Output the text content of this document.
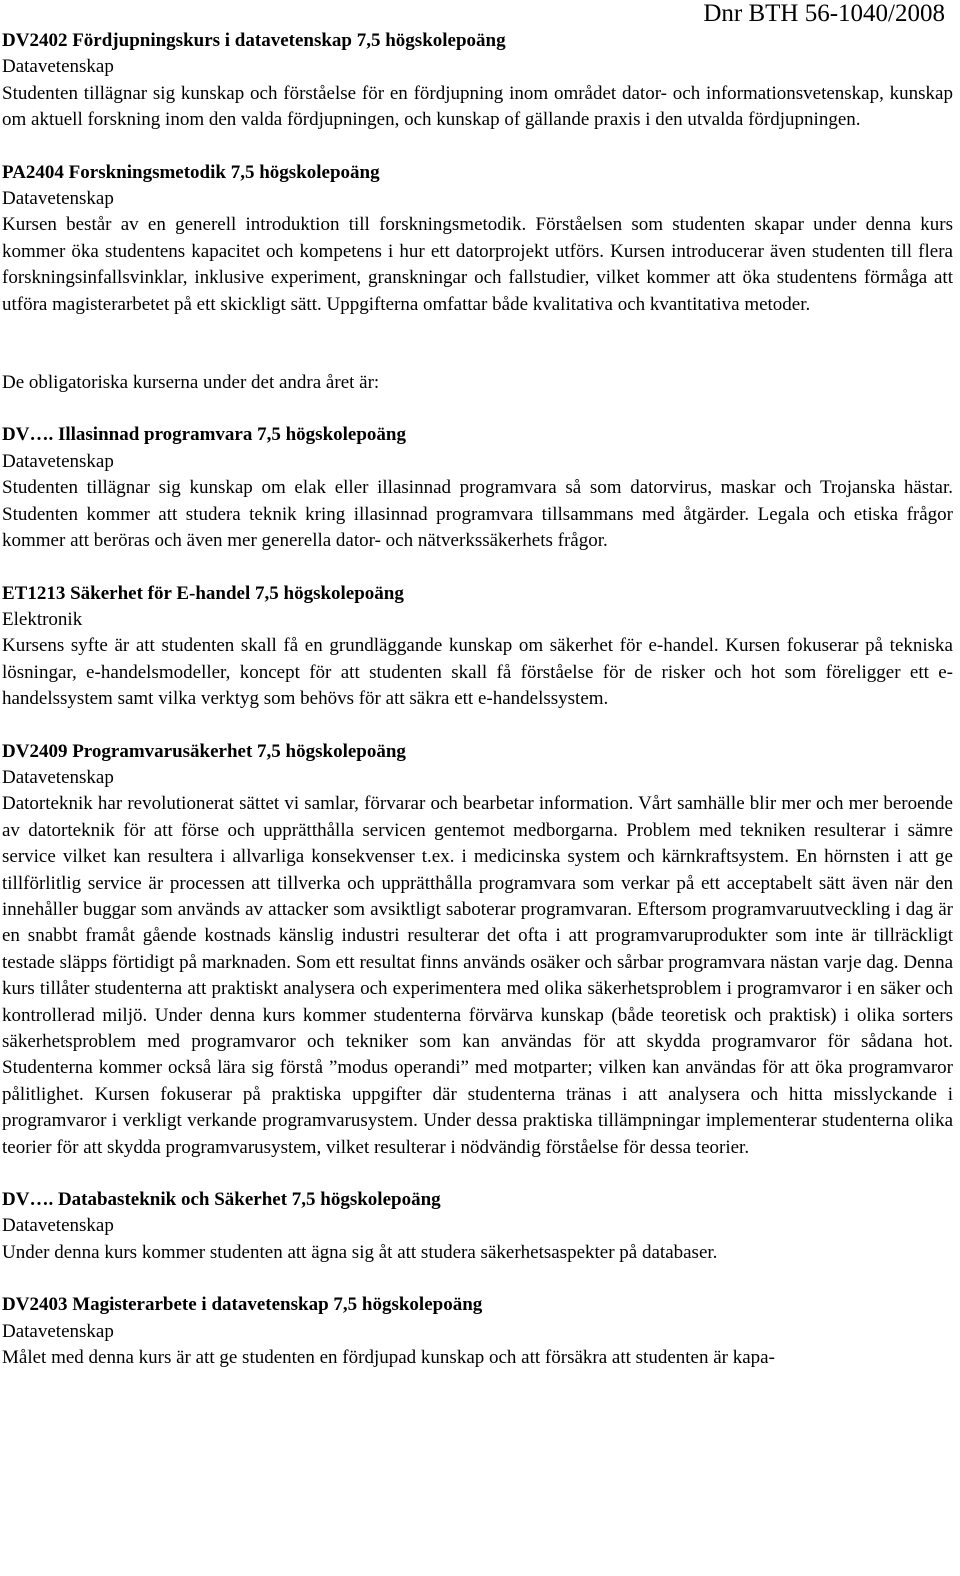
Dnr BTH 56-1040/2008

DV2402 Fördjupningskurs i datavetenskap 7,5 högskolepoäng

Datavetenskap

Studenten tillägnar sig kunskap och förståelse för en fördjupning inom området dator- och informationsvetenskap, kunskap om aktuell forskning inom den valda fördjupningen, och kunskap of gällande praxis i den utvalda fördjupningen.

PA2404 Forskningsmetodik 7,5 högskolepoäng

Datavetenskap

Kursen består av en generell introduktion till forskningsmetodik. Förståelsen som studenten skapar under denna kurs kommer öka studentens kapacitet och kompetens i hur ett datorprojekt utförs. Kursen introducerar även studenten till flera forskningsinfallsvinklar, inklusive experiment, granskningar och fallstudier, vilket kommer att öka studentens förmåga att utföra magisterarbetet på ett skickligt sätt. Uppgifterna omfattar både kvalitativa och kvantitativa metoder.

De obligatoriska kurserna under det andra året är:

DV…. Illasinnad programvara 7,5 högskolepoäng

Datavetenskap

Studenten tillägnar sig kunskap om elak eller illasinnad programvara så som datorvirus, maskar och Trojanska hästar. Studenten kommer att studera teknik kring illasinnad programvara tillsammans med åtgärder. Legala och etiska frågor kommer att beröras och även mer generella dator- och nätverkssäkerhets frågor.

ET1213 Säkerhet för E-handel 7,5 högskolepoäng

Elektronik

Kursens syfte är att studenten skall få en grundläggande kunskap om säkerhet för e-handel. Kursen fokuserar på tekniska lösningar, e-handelsmodeller, koncept för att studenten skall få förståelse för de risker och hot som föreligger ett e-handelssystem samt vilka verktyg som behövs för att säkra ett e-handelssystem.

DV2409 Programvarusäkerhet 7,5 högskolepoäng

Datavetenskap

Datorteknik har revolutionerat sättet vi samlar, förvarar och bearbetar information. Vårt samhälle blir mer och mer beroende av datorteknik för att förse och upprätthålla servicen gentemot medborgarna. Problem med tekniken resulterar i sämre service vilket kan resultera i allvarliga konsekvenser t.ex. i medicinska system och kärnkraftsystem. En hörnsten i att ge tillförlitlig service är processen att tillverka och upprätthålla programvara som verkar på ett acceptabelt sätt även när den innehåller buggar som används av attacker som avsiktligt saboterar programvaran. Eftersom programvaruutveckling i dag är en snabbt framåt gående kostnads känslig industri resulterar det ofta i att programvaruprodukter som inte är tillräckligt testade släpps förtidigt på marknaden. Som ett resultat finns används osäker och sårbar programvara nästan varje dag. Denna kurs tillåter studenterna att praktiskt analysera och experimentera med olika säkerhetsproblem i programvaror i en säker och kontrollerad miljö. Under denna kurs kommer studenterna förvärva kunskap (både teoretisk och praktisk) i olika sorters säkerhetsproblem med programvaror och tekniker som kan användas för att skydda programvaror för sådana hot. Studenterna kommer också lära sig förstå ”modus operandi” med motparter; vilken kan användas för att öka programvaror pålitlighet. Kursen fokuserar på praktiska uppgifter där studenterna tränas i att analysera och hitta misslyckande i programvaror i verkligt verkande programvarusystem. Under dessa praktiska tillämpningar implementerar studenterna olika teorier för att skydda programvarusystem, vilket resulterar i nödvändig förståelse för dessa teorier.

DV…. Databasteknik och Säkerhet 7,5 högskolepoäng

Datavetenskap

Under denna kurs kommer studenten att ägna sig åt att studera säkerhetsaspekter på databaser.

DV2403 Magisterarbete i datavetenskap 7,5 högskolepoäng

Datavetenskap

Målet med denna kurs är att ge studenten en fördjupad kunskap och att försäkra att studenten är kapa-
